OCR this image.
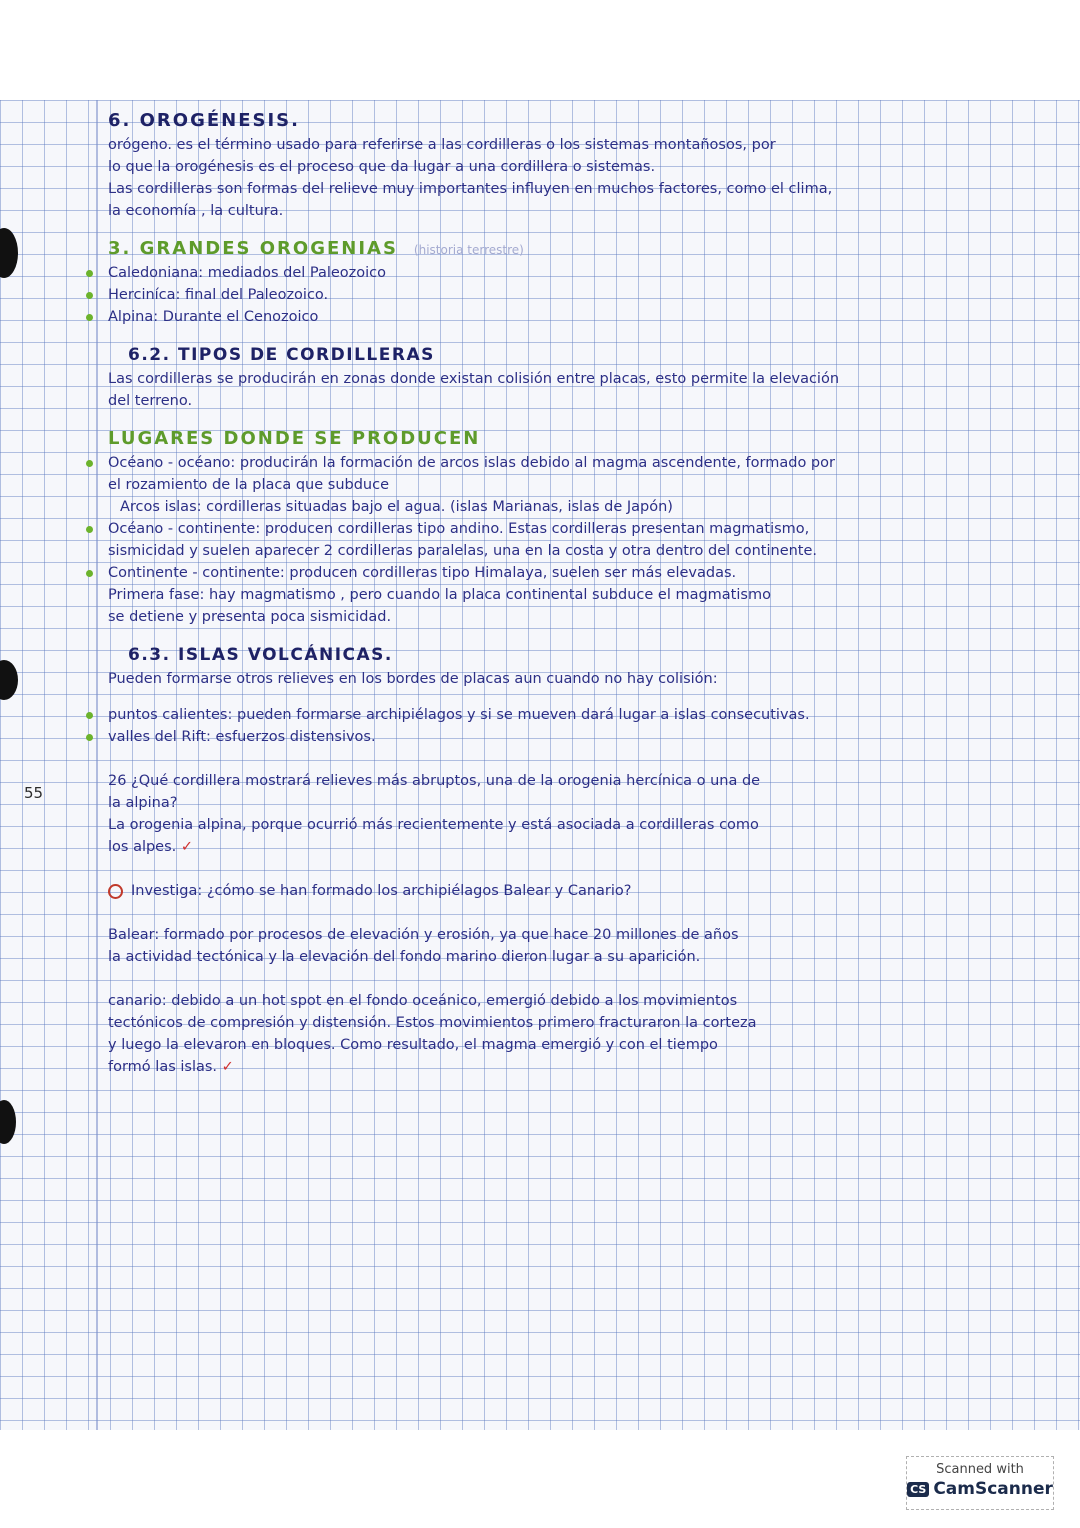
55
6. OROGÉNESIS.
orógeno. es el término usado para referirse a las cordilleras o los sistemas montañosos, por
lo que la orogénesis es el proceso que da lugar a una cordillera o sistemas.
Las cordilleras son formas del relieve muy importantes influyen en muchos factores, como el clima,
la economía , la cultura.
3. GRANDES OROGENIAS (historia terrestre)
Caledoniana: mediados del Paleozoico
Herciníca: final del Paleozoico.
Alpina: Durante el Cenozoico
6.2. TIPOS DE CORDILLERAS
Las cordilleras se producirán en zonas donde existan colisión entre placas, esto permite la elevación
del terreno.
LUGARES DONDE SE PRODUCEN
Océano - océano: producirán la formación de arcos islas debido al magma ascendente, formado por
el rozamiento de la placa que subduce
Arcos islas: cordilleras situadas bajo el agua. (islas Marianas, islas de Japón)
Océano - continente: producen cordilleras tipo andino. Estas cordilleras presentan magmatismo,
sismicidad y suelen aparecer 2 cordilleras paralelas, una en la costa y otra dentro del continente.
Continente - continente: producen cordilleras tipo Himalaya, suelen ser más elevadas.
Primera fase: hay magmatismo , pero cuando la placa continental subduce el magmatismo
se detiene y presenta poca sismicidad.
6.3. ISLAS VOLCÁNICAS.
Pueden formarse otros relieves en los bordes de placas aun cuando no hay colisión:
puntos calientes: pueden formarse archipiélagos y si se mueven dará lugar a islas consecutivas.
valles del Rift: esfuerzos distensivos.
26 ¿Qué cordillera mostrará relieves más abruptos, una de la orogenia hercínica o una de
la alpina?
La orogenia alpina, porque ocurrió más recientemente y está asociada a cordilleras como
los alpes. ✓
Investiga: ¿cómo se han formado los archipiélagos Balear y Canario?
Balear: formado por procesos de elevación y erosión, ya que hace 20 millones de años
la actividad tectónica y la elevación del fondo marino dieron lugar a su aparición.
canario: debido a un hot spot en el fondo oceánico, emergió debido a los movimientos
tectónicos de compresión y distensión. Estos movimientos primero fracturaron la corteza
y luego la elevaron en bloques. Como resultado, el magma emergió y con el tiempo
formó las islas. ✓
Scanned with
CS CamScanner
